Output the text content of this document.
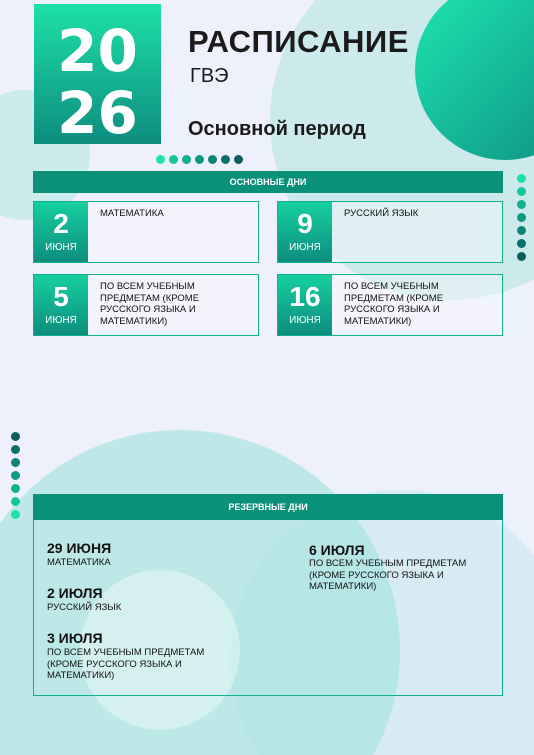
20
26
РАСПИСАНИЕ
ГВЭ
Основной период
ОСНОВНЫЕ ДНИ
2
ИЮНЯ
МАТЕМАТИКА	9
ИЮНЯ
РУССКИЙ ЯЗЫК
5
ИЮНЯ
ПО ВСЕМ УЧЕБНЫМ ПРЕДМЕТАМ (КРОМЕ РУССКОГО ЯЗЫКА И МАТЕМАТИКИ)
16
ИЮНЯ
ПО ВСЕМ УЧЕБНЫМ ПРЕДМЕТАМ (КРОМЕ РУССКОГО ЯЗЫКА И МАТЕМАТИКИ)
РЕЗЕРВНЫЕ ДНИ
29 ИЮНЯ
МАТЕМАТИКА
2 ИЮЛЯ
РУССКИЙ ЯЗЫК
3 ИЮЛЯ
ПО ВСЕМ УЧЕБНЫМ ПРЕДМЕТАМ (КРОМЕ РУССКОГО ЯЗЫКА И МАТЕМАТИКИ)
6 ИЮЛЯ
ПО ВСЕМ УЧЕБНЫМ ПРЕДМЕТАМ (КРОМЕ РУССКОГО ЯЗЫКА И МАТЕМАТИКИ)
